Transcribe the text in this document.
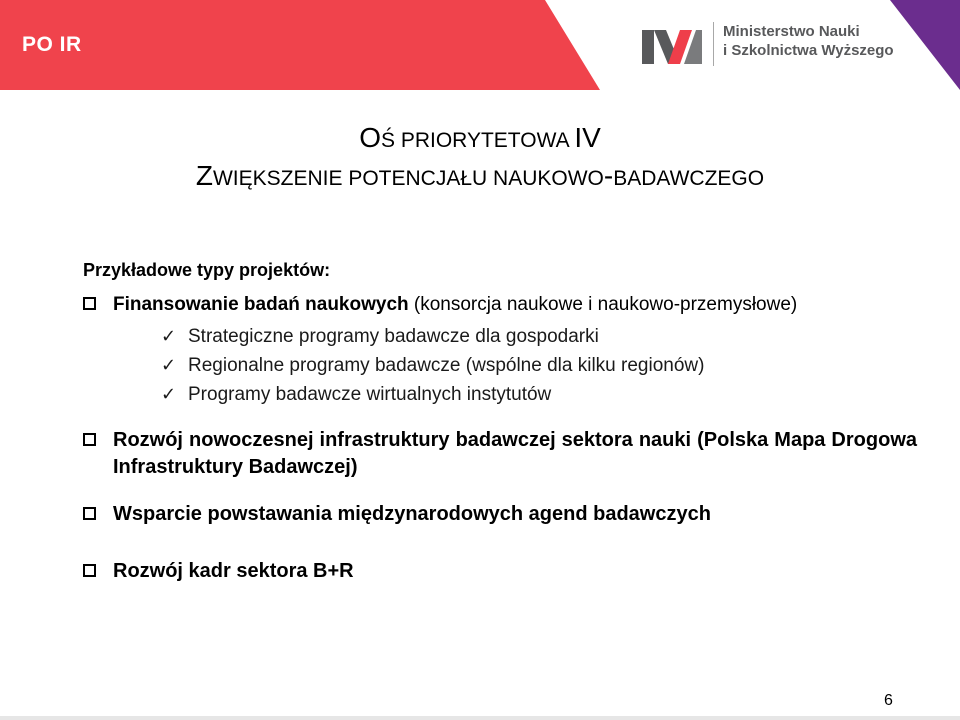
PO IR
Ministerstwo Nauki
i Szkolnictwa Wyższego
OŚ PRIORYTETOWA IV
ZWIĘKSZENIE POTENCJAŁU NAUKOWO-BADAWCZEGO

Przykładowe typy projektów:

Finansowanie badań naukowych (konsorcja naukowe i naukowo-przemysłowe)
✓ Strategiczne programy badawcze dla gospodarki
✓ Regionalne programy badawcze (wspólne dla kilku regionów)
✓ Programy badawcze wirtualnych instytutów
Rozwój nowoczesnej infrastruktury badawczej sektora nauki (Polska Mapa Drogowa Infrastruktury Badawczej)
Wsparcie powstawania międzynarodowych agend badawczych
Rozwój kadr sektora B+R
6
